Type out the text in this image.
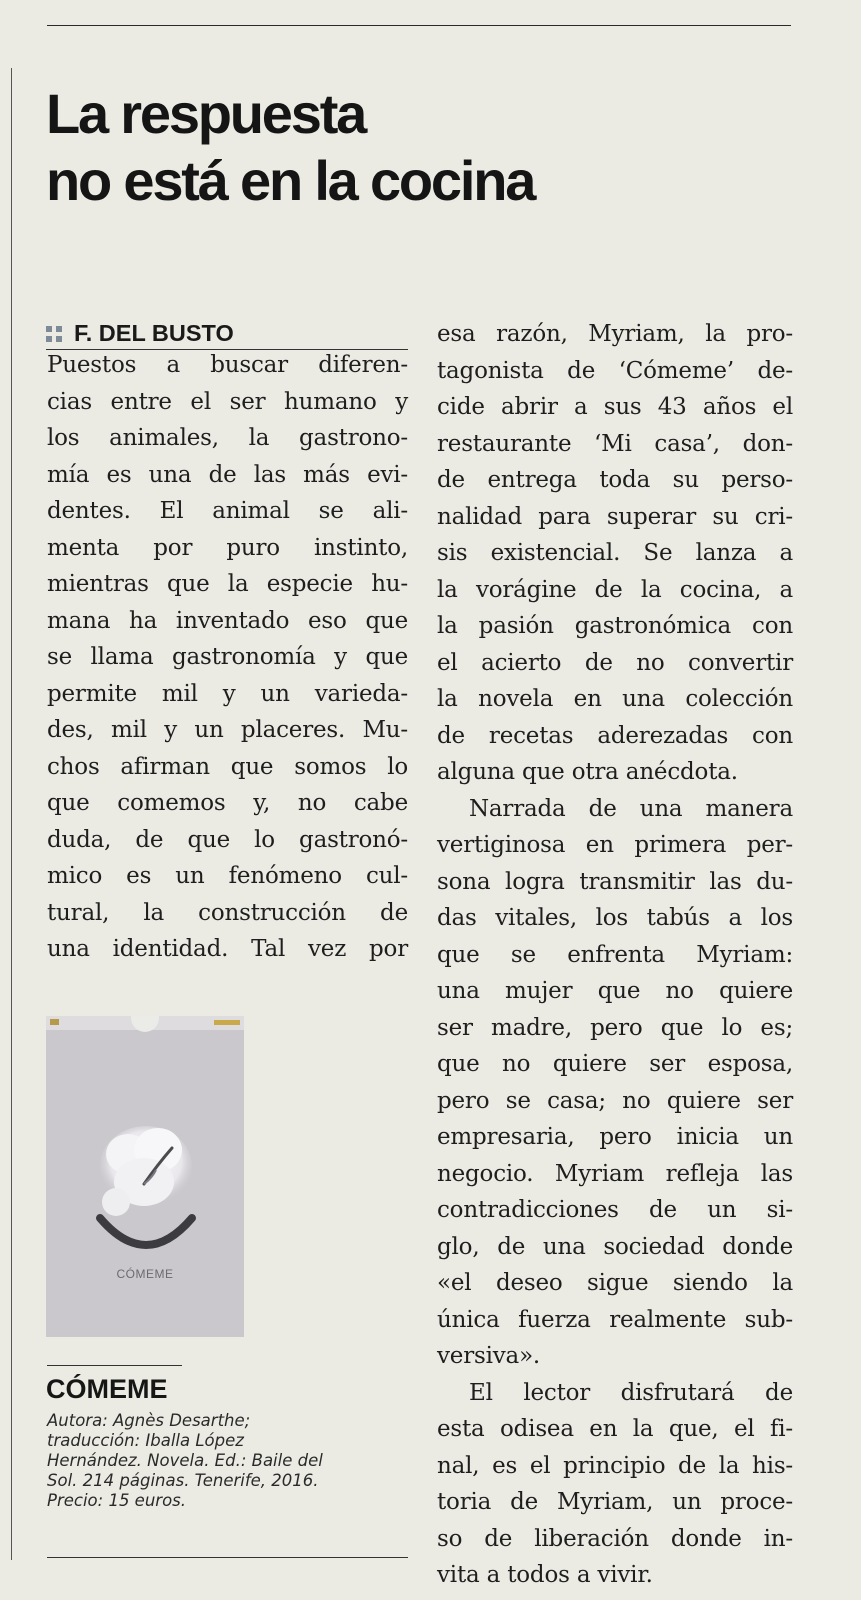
La respuesta
no está en la cocina
F. DEL BUSTO
Puestos a buscar diferen-
cias entre el ser humano y
los animales, la gastrono-
mía es una de las más evi-
dentes. El animal se ali-
menta por puro instinto,
mientras que la especie hu-
mana ha inventado eso que
se llama gastronomía y que
permite mil y un varieda-
des, mil y un placeres. Mu-
chos afirman que somos lo
que comemos y, no cabe
duda, de que lo gastronó-
mico es un fenómeno cul-
tural, la construcción de
una identidad. Tal vez por
esa razón, Myriam, la pro-
tagonista de ‘Cómeme’ de-
cide abrir a sus 43 años el
restaurante ‘Mi casa’, don-
de entrega toda su perso-
nalidad para superar su cri-
sis existencial. Se lanza a
la vorágine de la cocina, a
la pasión gastronómica con
el acierto de no convertir
la novela en una colección
de recetas aderezadas con
alguna que otra anécdota.
Narrada de una manera
vertiginosa en primera per-
sona logra transmitir las du-
das vitales, los tabús a los
que se enfrenta Myriam:
una mujer que no quiere
ser madre, pero que lo es;
que no quiere ser esposa,
pero se casa; no quiere ser
empresaria, pero inicia un
negocio. Myriam refleja las
contradicciones de un si-
glo, de una sociedad donde
«el deseo sigue siendo la
única fuerza realmente sub-
versiva».
El lector disfrutará de
esta odisea en la que, el fi-
nal, es el principio de la his-
toria de Myriam, un proce-
so de liberación donde in-
vita a todos a vivir.
CÓMEME
CÓMEME
Autora: Agnès Desarthe;
traducción: Iballa López
Hernández. Novela. Ed.: Baile del
Sol. 214 páginas. Tenerife, 2016.
Precio: 15 euros.
